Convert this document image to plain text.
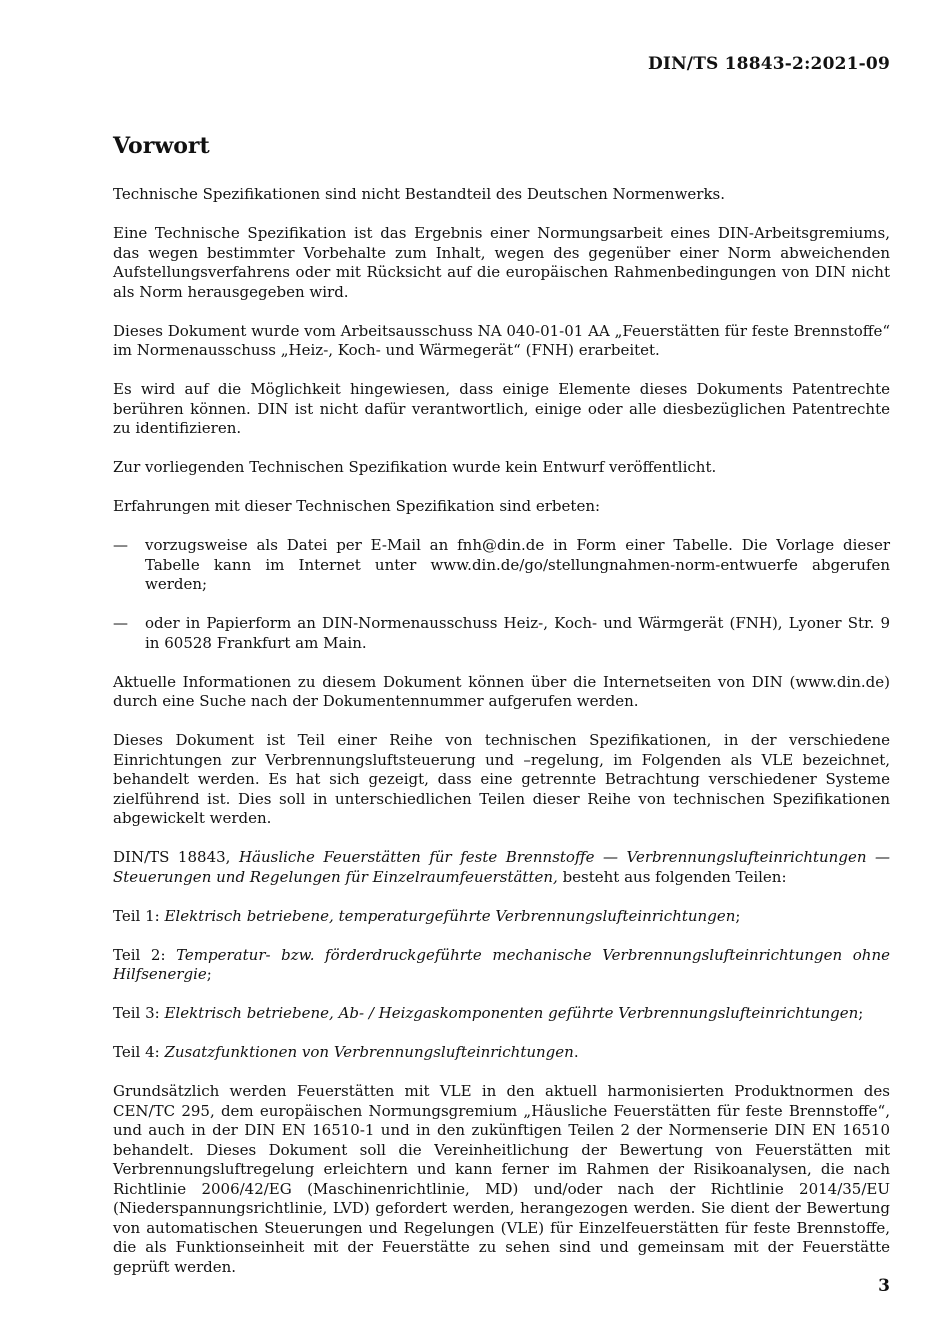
DIN/TS 18843-2:2021-09
Vorwort

Technische Spezifikationen sind nicht Bestandteil des Deutschen Normenwerks.

Eine Technische Spezifikation ist das Ergebnis einer Normungsarbeit eines DIN-Arbeitsgremiums, das wegen bestimmter Vorbehalte zum Inhalt, wegen des gegenüber einer Norm abweichenden Aufstellungsverfahrens oder mit Rücksicht auf die europäischen Rahmenbedingungen von DIN nicht als Norm herausgegeben wird.

Dieses Dokument wurde vom Arbeitsausschuss NA 040-01-01 AA „Feuerstätten für feste Brennstoffe“ im Normenausschuss „Heiz-, Koch- und Wärmegerät“ (FNH) erarbeitet.

Es wird auf die Möglichkeit hingewiesen, dass einige Elemente dieses Dokuments Patentrechte berühren können. DIN ist nicht dafür verantwortlich, einige oder alle diesbezüglichen Patentrechte zu identifizieren.

Zur vorliegenden Technischen Spezifikation wurde kein Entwurf veröffentlicht.

Erfahrungen mit dieser Technischen Spezifikation sind erbeten:

— vorzugsweise als Datei per E-Mail an fnh@din.de in Form einer Tabelle. Die Vorlage dieser Tabelle kann im Internet unter www.din.de/go/stellungnahmen-norm-entwuerfe abgerufen werden;
— oder in Papierform an DIN-Normenausschuss Heiz-, Koch- und Wärmgerät (FNH), Lyoner Str. 9 in 60528 Frankfurt am Main.

Aktuelle Informationen zu diesem Dokument können über die Internetseiten von DIN (www.din.de) durch eine Suche nach der Dokumentennummer aufgerufen werden.

Dieses Dokument ist Teil einer Reihe von technischen Spezifikationen, in der verschiedene Einrichtungen zur Verbrennungsluftsteuerung und –regelung, im Folgenden als VLE bezeichnet, behandelt werden. Es hat sich gezeigt, dass eine getrennte Betrachtung verschiedener Systeme zielführend ist. Dies soll in unterschiedlichen Teilen dieser Reihe von technischen Spezifikationen abgewickelt werden.

DIN/TS 18843, Häusliche Feuerstätten für feste Brennstoffe — Verbrennungslufteinrichtungen — Steuerungen und Regelungen für Einzelraumfeuerstätten, besteht aus folgenden Teilen:

Teil 1: Elektrisch betriebene, temperaturgeführte Verbrennungslufteinrichtungen;

Teil 2: Temperatur- bzw. förderdruckgeführte mechanische Verbrennungslufteinrichtungen ohne Hilfsenergie;

Teil 3: Elektrisch betriebene, Ab- / Heizgaskomponenten geführte Verbrennungslufteinrichtungen;

Teil 4: Zusatzfunktionen von Verbrennungslufteinrichtungen.

Grundsätzlich werden Feuerstätten mit VLE in den aktuell harmonisierten Produktnormen des CEN/TC 295, dem europäischen Normungsgremium „Häusliche Feuerstätten für feste Brennstoffe“, und auch in der DIN EN 16510-1 und in den zukünftigen Teilen 2 der Normenserie DIN EN 16510 behandelt. Dieses Dokument soll die Vereinheitlichung der Bewertung von Feuerstätten mit Verbrennungsluftregelung erleichtern und kann ferner im Rahmen der Risikoanalysen, die nach Richtlinie 2006/42/EG (Maschinenrichtlinie, MD) und/oder nach der Richtlinie 2014/35/EU (Niederspannungsrichtlinie, LVD) gefordert werden, herangezogen werden. Sie dient der Bewertung von automatischen Steuerungen und Regelungen (VLE) für Einzelfeuerstätten für feste Brennstoffe, die als Funktionseinheit mit der Feuerstätte zu sehen sind und gemeinsam mit der Feuerstätte geprüft werden.

3
